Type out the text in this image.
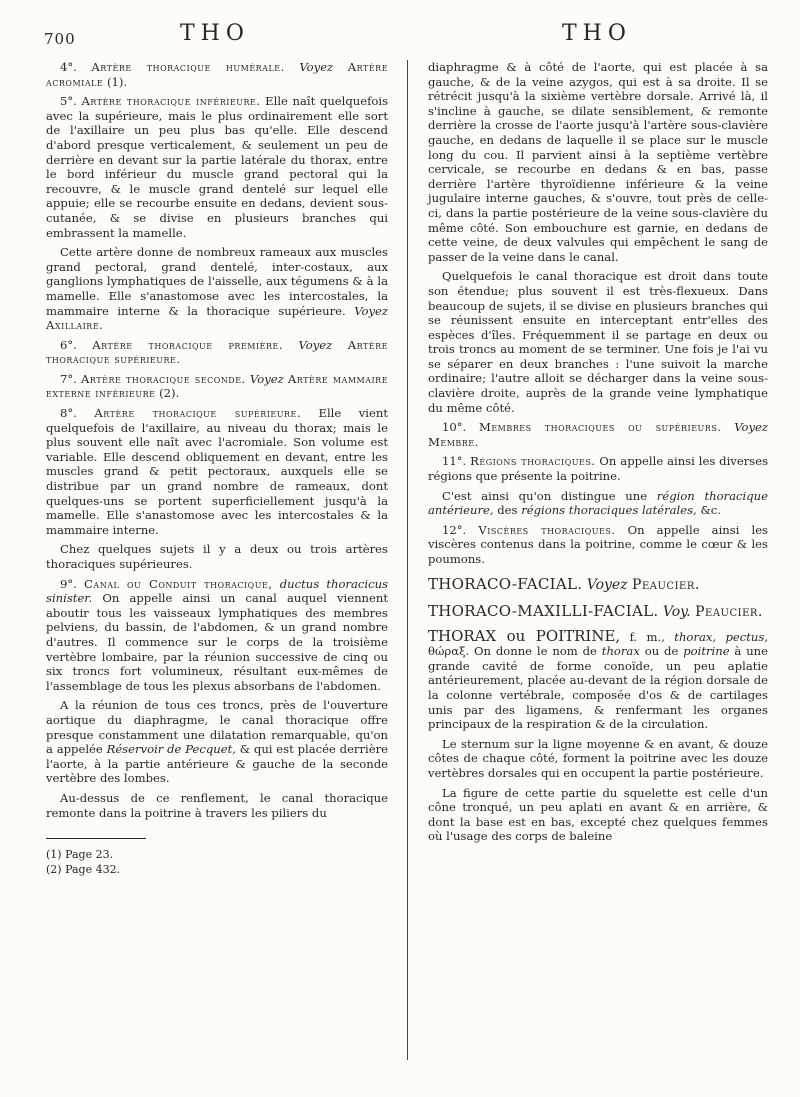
700	THO	THO

4°. Artère thoracique humérale. Voyez Artère acromiale (1).

5°. Artère thoracique inférieure. Elle naît quelquefois avec la supérieure, mais le plus ordinairement elle sort de l'axillaire un peu plus bas qu'elle. Elle descend d'abord presque verticalement, & seulement un peu de derrière en devant sur la partie latérale du thorax, entre le bord inférieur du muscle grand pectoral qui la recouvre, & le muscle grand dentelé sur lequel elle appuie; elle se recourbe ensuite en dedans, devient sous-cutanée, & se divise en plusieurs branches qui embrassent la mamelle.

Cette artère donne de nombreux rameaux aux muscles grand pectoral, grand dentelé, inter-costaux, aux ganglions lymphatiques de l'aisselle, aux tégumens & à la mamelle. Elle s'anastomose avec les intercostales, la mammaire interne & la thoracique supérieure. Voyez Axillaire.

6°. Artère thoracique première. Voyez Artère thoracique supérieure.

7°. Artère thoracique seconde. Voyez Artère mammaire externe inférieure (2).

8°. Artère thoracique supérieure. Elle vient quelquefois de l'axillaire, au niveau du thorax; mais le plus souvent elle naît avec l'acromiale. Son volume est variable. Elle descend obliquement en devant, entre les muscles grand & petit pectoraux, auxquels elle se distribue par un grand nombre de rameaux, dont quelques-uns se portent superficiellement jusqu'à la mamelle. Elle s'anastomose avec les intercostales & la mammaire interne.

Chez quelques sujets il y a deux ou trois artères thoraciques supérieures.

9°. Canal ou Conduit thoracique, ductus thoracicus sinister. On appelle ainsi un canal auquel viennent aboutir tous les vaisseaux lymphatiques des membres pelviens, du bassin, de l'abdomen, & un grand nombre d'autres. Il commence sur le corps de la troisième vertèbre lombaire, par la réunion successive de cinq ou six troncs fort volumineux, résultant eux-mêmes de l'assemblage de tous les plexus absorbans de l'abdomen.

A la réunion de tous ces troncs, près de l'ouverture aortique du diaphragme, le canal thoracique offre presque constamment une dilatation remarquable, qu'on a appelée Réservoir de Pecquet, & qui est placée derrière l'aorte, à la partie antérieure & gauche de la seconde vertèbre des lombes.

Au-dessus de ce renflement, le canal thoracique remonte dans la poitrine à travers les piliers du

(1) Page 23.

(2) Page 432.

diaphragme & à côté de l'aorte, qui est placée à sa gauche, & de la veine azygos, qui est à sa droite. Il se rétrécit jusqu'à la sixième vertèbre dorsale. Arrivé là, il s'incline à gauche, se dilate sensiblement, & remonte derrière la crosse de l'aorte jusqu'à l'artère sous-clavière gauche, en dedans de laquelle il se place sur le muscle long du cou. Il parvient ainsi à la septième vertèbre cervicale, se recourbe en dedans & en bas, passe derrière l'artère thyroïdienne inférieure & la veine jugulaire interne gauches, & s'ouvre, tout près de celle-ci, dans la partie postérieure de la veine sous-clavière du même côté. Son embouchure est garnie, en dedans de cette veine, de deux valvules qui empêchent le sang de passer de la veine dans le canal.

Quelquefois le canal thoracique est droit dans toute son étendue; plus souvent il est très-flexueux. Dans beaucoup de sujets, il se divise en plusieurs branches qui se réunissent ensuite en interceptant entr'elles des espèces d'îles. Fréquemment il se partage en deux ou trois troncs au moment de se terminer. Une fois je l'ai vu se séparer en deux branches : l'une suivoit la marche ordinaire; l'autre alloit se décharger dans la veine sous-clavière droite, auprès de la grande veine lymphatique du même côté.

10°. Membres thoraciques ou supérieurs. Voyez Membre.

11°. Régions thoraciques. On appelle ainsi les diverses régions que présente la poitrine.

C'est ainsi qu'on distingue une région thoracique antérieure, des régions thoraciques latérales, &c.

12°. Viscères thoraciques. On appelle ainsi les viscères contenus dans la poitrine, comme le cœur & les poumons.

THORACO-FACIAL. Voyez Peaucier.

THORACO-MAXILLI-FACIAL. Voy. Peaucier.

THORAX ou POITRINE, f. m., thorax, pectus, θώραξ. On donne le nom de thorax ou de poitrine à une grande cavité de forme conoïde, un peu aplatie antérieurement, placée au-devant de la région dorsale de la colonne vertébrale, composée d'os & de cartilages unis par des ligamens, & renfermant les organes principaux de la respiration & de la circulation.

Le sternum sur la ligne moyenne & en avant, & douze côtes de chaque côté, forment la poitrine avec les douze vertèbres dorsales qui en occupent la partie postérieure.

La figure de cette partie du squelette est celle d'un cône tronqué, un peu aplati en avant & en arrière, & dont la base est en bas, excepté chez quelques femmes où l'usage des corps de baleine
